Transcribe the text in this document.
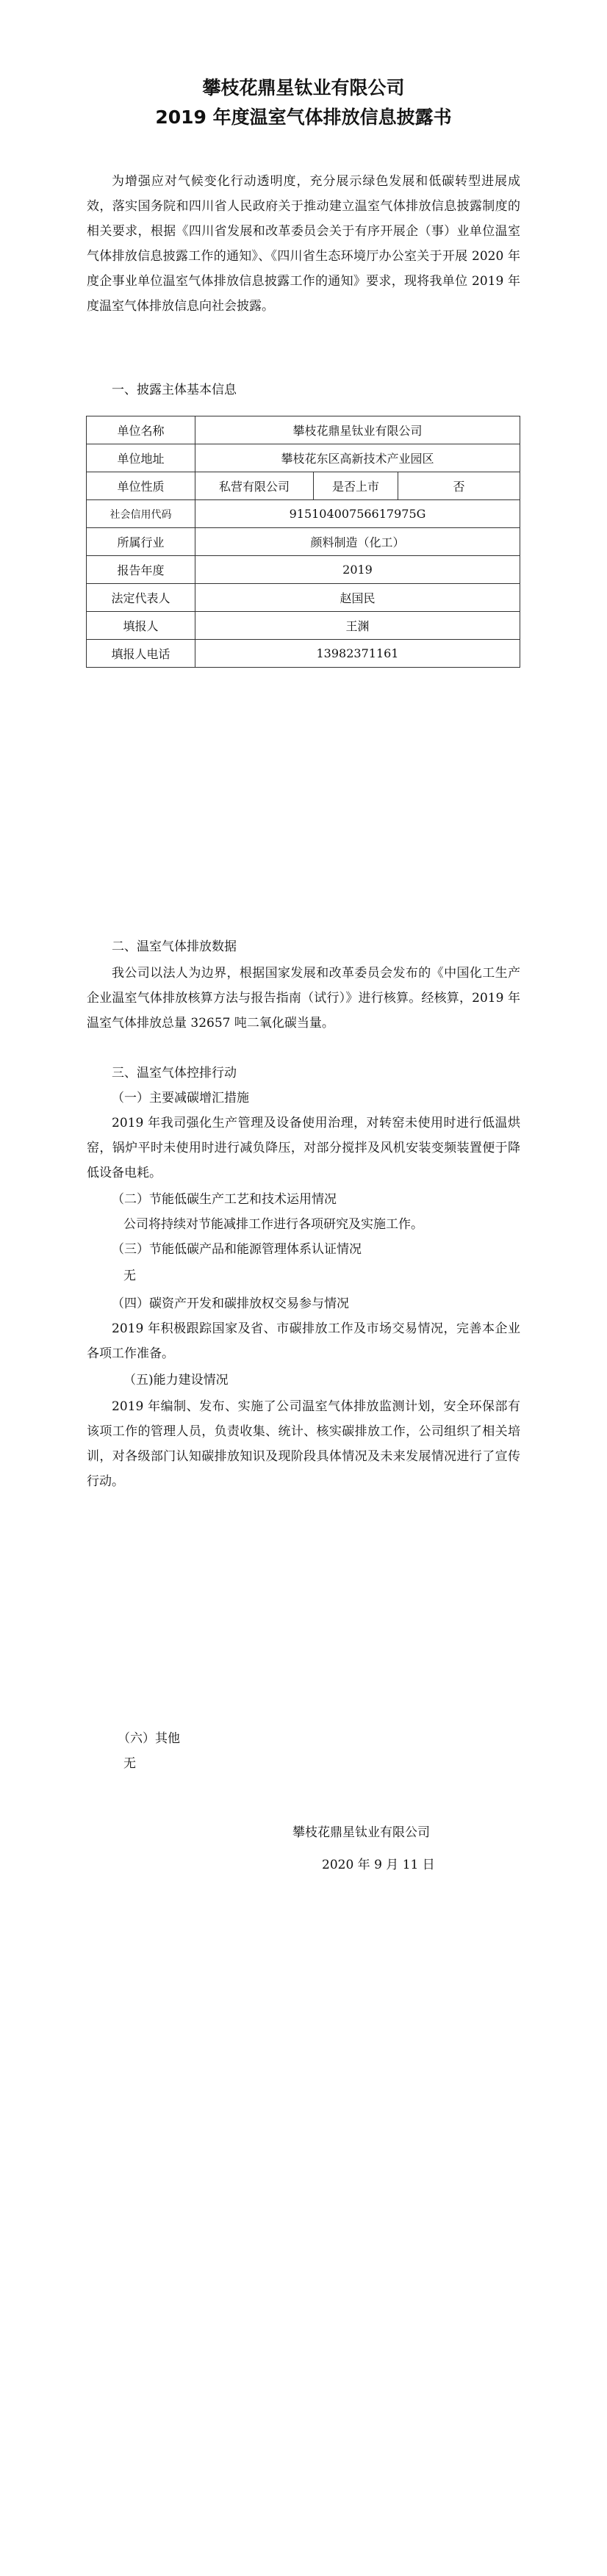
攀枝花鼎星钛业有限公司
2019 年度温室气体排放信息披露书
为增强应对气候变化行动透明度，充分展示绿色发展和低碳转型进展成效，落实国务院和四川省人民政府关于推动建立温室气体排放信息披露制度的相关要求，根据《四川省发展和改革委员会关于有序开展企（事）业单位温室气体排放信息披露工作的通知》、《四川省生态环境厅办公室关于开展 2020 年度企事业单位温室气体排放信息披露工作的通知》要求，现将我单位 2019 年度温室气体排放信息向社会披露。
一、披露主体基本信息
单位名称	攀枝花鼎星钛业有限公司		
单位地址	攀枝花东区高新技术产业园区		
单位性质	私营有限公司	是否上市	否
社会信用代码	91510400756617975G		
所属行业	颜料制造（化工）		
报告年度	2019		
法定代表人	赵国民		
填报人	王渊		
填报人电话	13982371161		
二、温室气体排放数据
我公司以法人为边界，根据国家发展和改革委员会发布的《中国化工生产企业温室气体排放核算方法与报告指南（试行）》进行核算。经核算，2019 年温室气体排放总量 32657 吨二氧化碳当量。
三、温室气体控排行动
（一）主要减碳增汇措施
2019 年我司强化生产管理及设备使用治理，对转窑未使用时进行低温烘窑，锅炉平时未使用时进行减负降压，对部分搅拌及风机安装变频装置便于降低设备电耗。
（二）节能低碳生产工艺和技术运用情况
公司将持续对节能减排工作进行各项研究及实施工作。
（三）节能低碳产品和能源管理体系认证情况
无
（四）碳资产开发和碳排放权交易参与情况
2019 年积极跟踪国家及省、市碳排放工作及市场交易情况，完善本企业各项工作准备。
（五)能力建设情况
2019 年编制、发布、实施了公司温室气体排放监测计划，安全环保部有该项工作的管理人员，负责收集、统计、核实碳排放工作，公司组织了相关培训，对各级部门认知碳排放知识及现阶段具体情况及未来发展情况进行了宣传行动。
（六）其他
无
攀枝花鼎星钛业有限公司
2020 年 9 月 11 日
